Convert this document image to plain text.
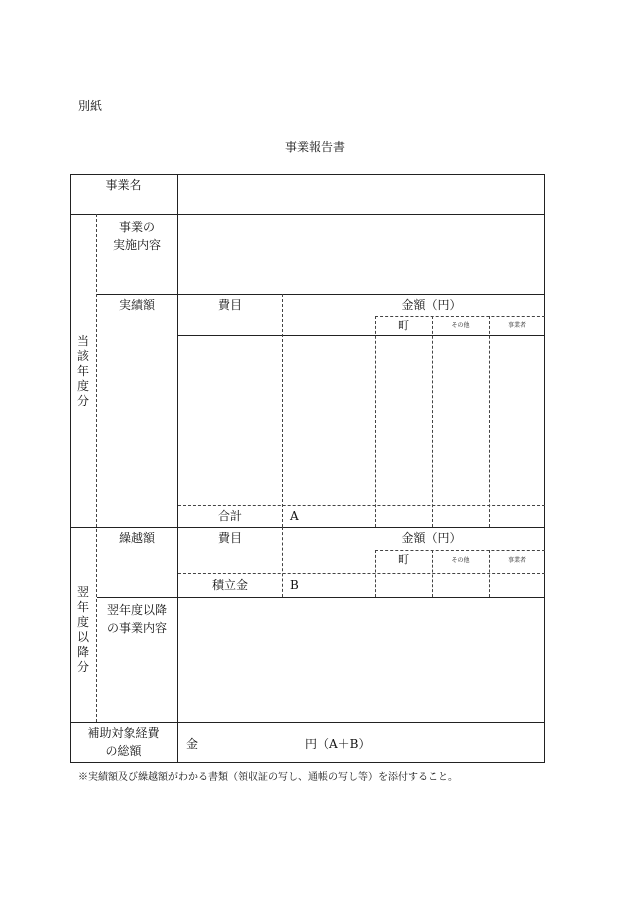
別紙
事業報告書
事業名
当該年度分
事業の
実施内容
実績額	費目	金額（円）
町	その他	事業者
合計	A
翌年度以降分
繰越額	費目	金額（円）
町	その他	事業者
積立金	B
翌年度以降
の事業内容
補助対象経費
の総額	金	円（A＋B）
※実績額及び繰越額がわかる書類（領収証の写し、通帳の写し等）を添付すること。
